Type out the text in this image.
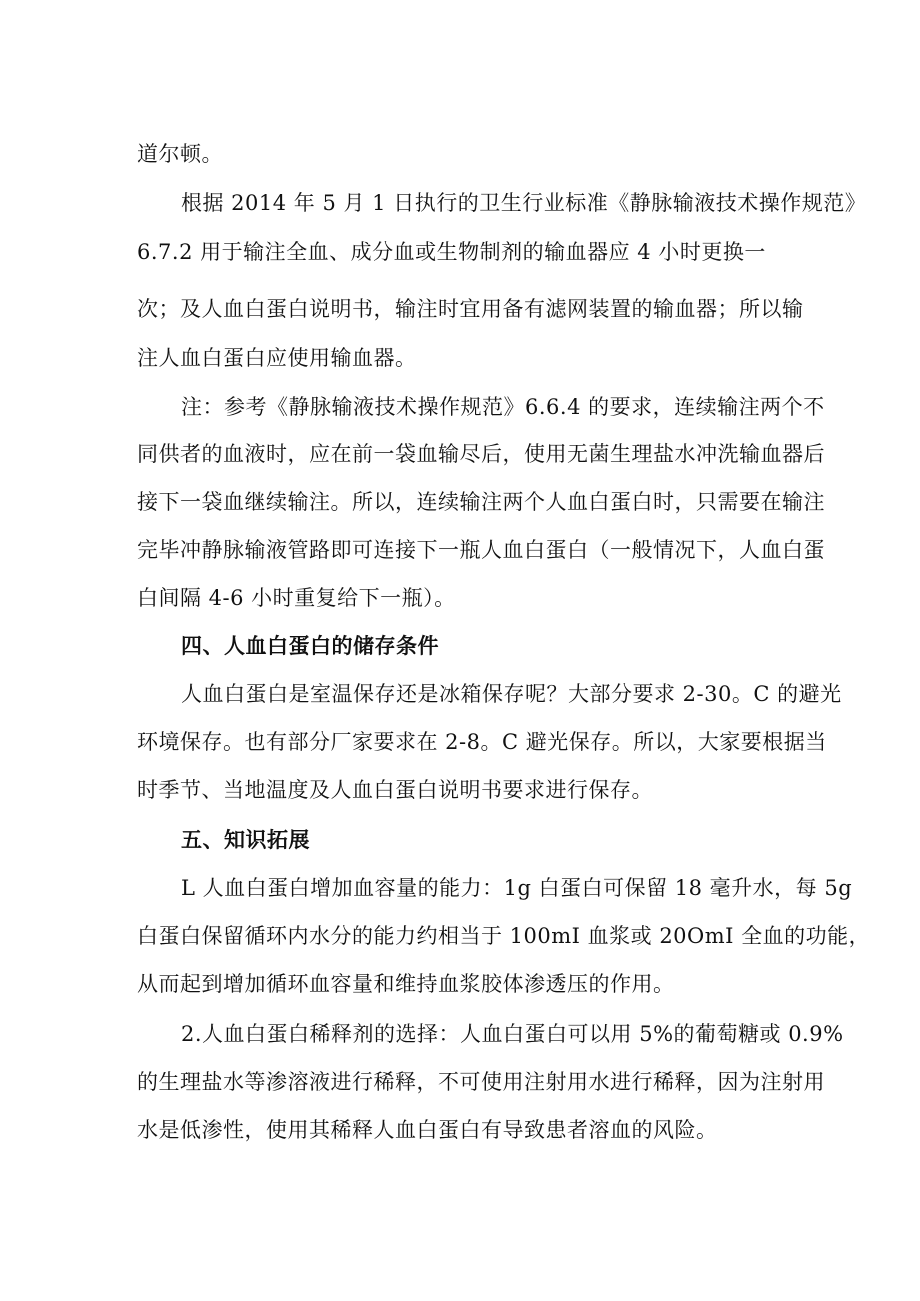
道尔顿。
根据 2014 年 5 月 1 日执行的卫生行业标准《静脉输液技术操作规范》
6.7.2 用于输注全血、成分血或生物制剂的输血器应 4 小时更换一
次；及人血白蛋白说明书，输注时宜用备有滤网装置的输血器；所以输
注人血白蛋白应使用输血器。
注：参考《静脉输液技术操作规范》6.6.4 的要求，连续输注两个不
同供者的血液时，应在前一袋血输尽后，使用无菌生理盐水冲洗输血器后
接下一袋血继续输注。所以，连续输注两个人血白蛋白时，只需要在输注
完毕冲静脉输液管路即可连接下一瓶人血白蛋白（一般情况下，人血白蛋
白间隔 4-6 小时重复给下一瓶）。
四、人血白蛋白的储存条件
人血白蛋白是室温保存还是冰箱保存呢？大部分要求 2-30。C 的避光
环境保存。也有部分厂家要求在 2-8。C 避光保存。所以，大家要根据当
时季节、当地温度及人血白蛋白说明书要求进行保存。
五、知识拓展
L 人血白蛋白增加血容量的能力：1g 白蛋白可保留 18 毫升水，每 5g
白蛋白保留循环内水分的能力约相当于 100mI 血浆或 20OmI 全血的功能，
从而起到增加循环血容量和维持血浆胶体渗透压的作用。
2.人血白蛋白稀释剂的选择：人血白蛋白可以用 5%的葡萄糖或 0.9%
的生理盐水等渗溶液进行稀释，不可使用注射用水进行稀释，因为注射用
水是低渗性，使用其稀释人血白蛋白有导致患者溶血的风险。
